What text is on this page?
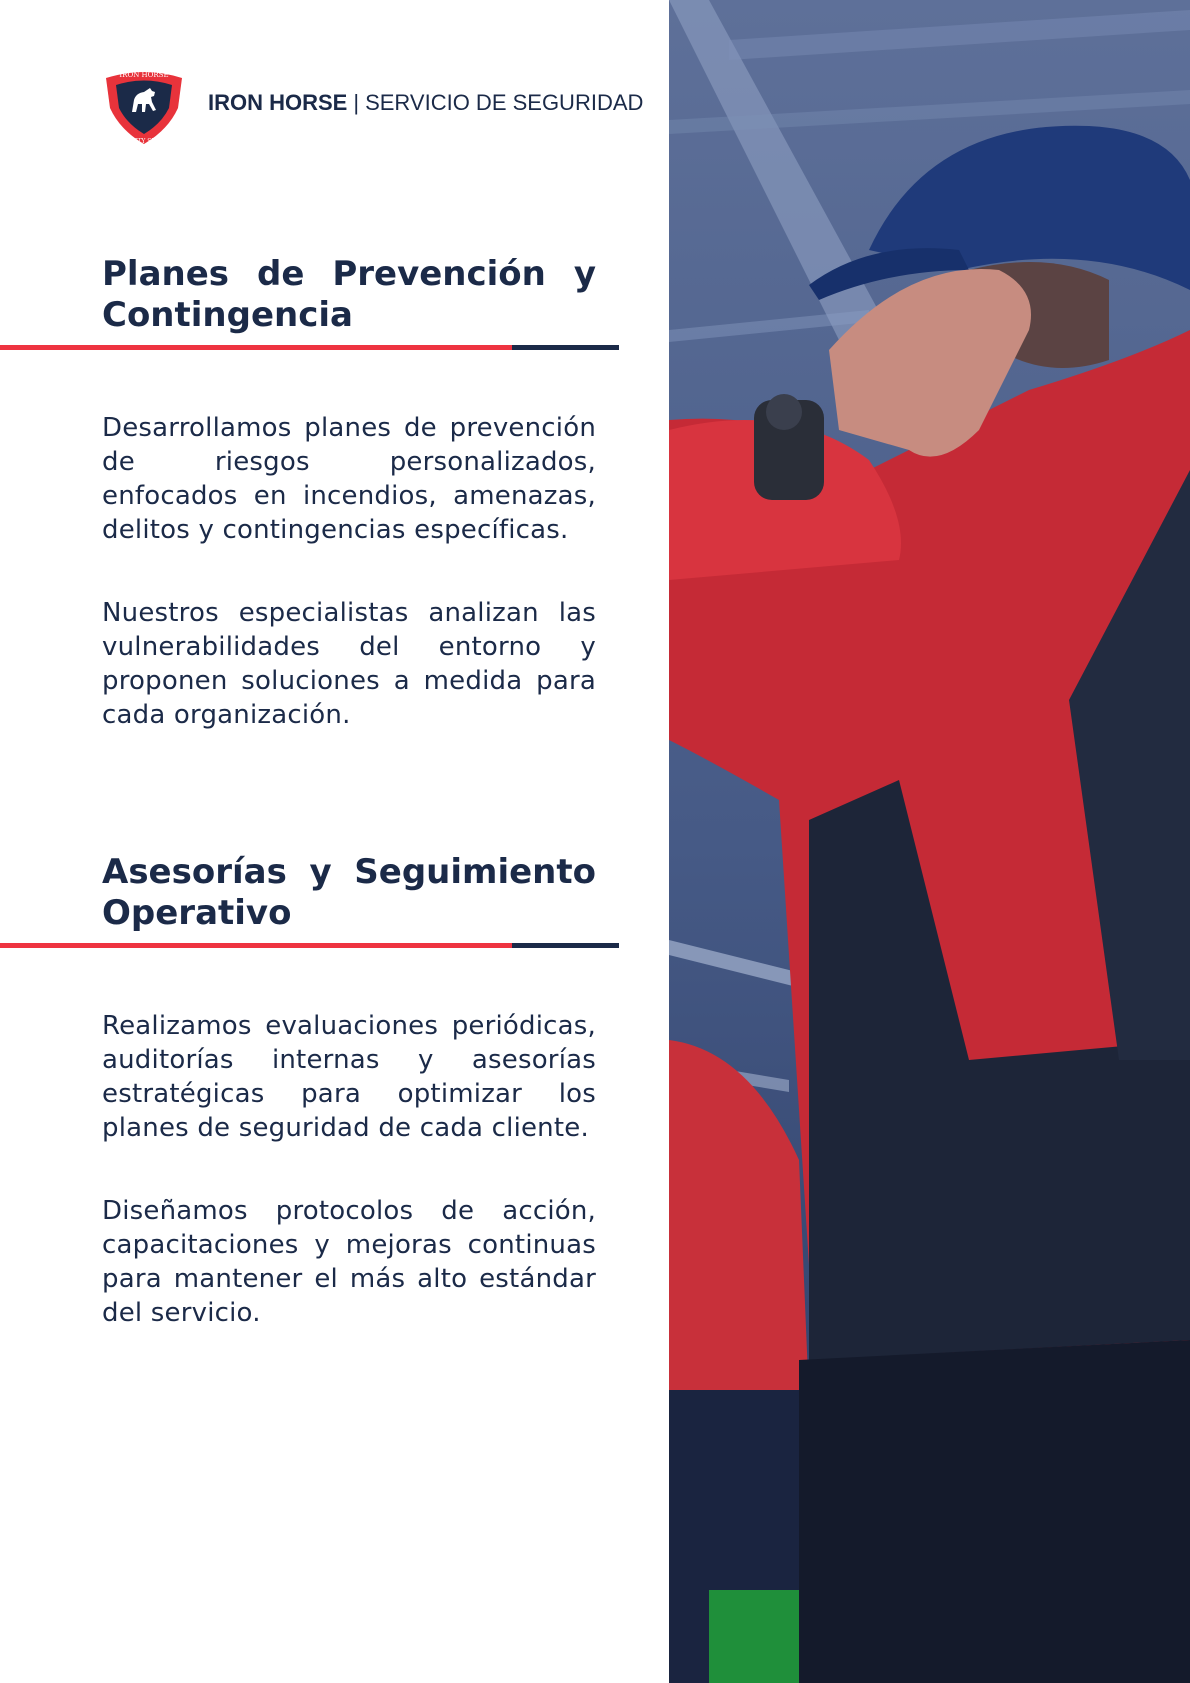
IRON HORSE
SECURITY SERVICE
IRON HORSE | SERVICIO DE SEGURIDAD
Planes de Prevención y Contingencia

Desarrollamos planes de prevención de riesgos personalizados, enfocados en incendios, amenazas, delitos y contingencias específicas.

Nuestros especialistas analizan las vulnerabilidades del entorno y proponen soluciones a medida para cada organización.

Asesorías y Seguimiento Operativo

Realizamos evaluaciones periódicas, auditorías internas y asesorías estratégicas para optimizar los planes de seguridad de cada cliente.

Diseñamos protocolos de acción, capacitaciones y mejoras continuas para mantener el más alto estándar del servicio.
